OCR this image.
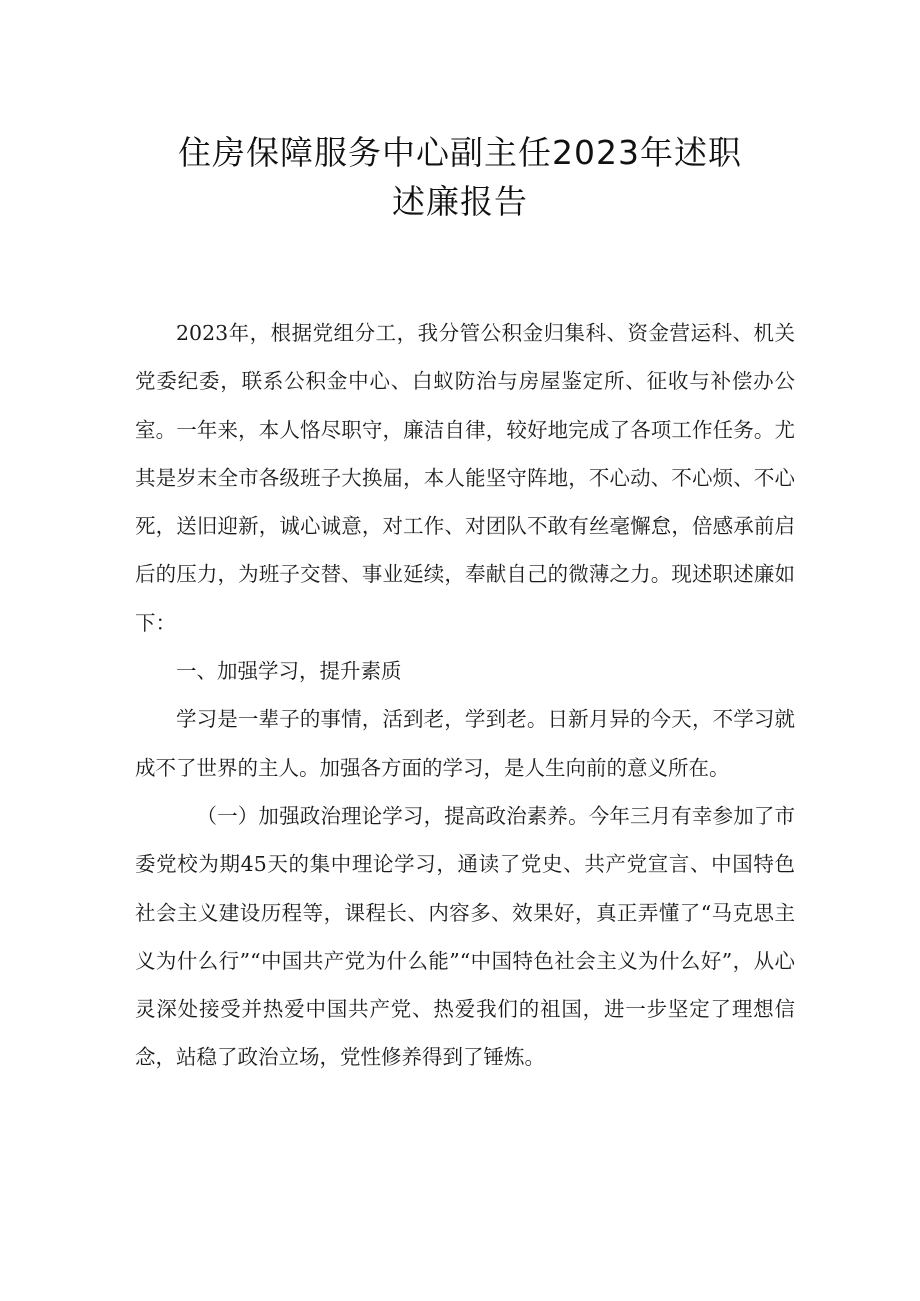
住房保障服务中心副主任2023年述职
述廉报告

2023年，根据党组分工，我分管公积金归集科、资金营运科、机关党委纪委，联系公积金中心、白蚁防治与房屋鉴定所、征收与补偿办公室。一年来，本人恪尽职守，廉洁自律，较好地完成了各项工作任务。尤其是岁末全市各级班子大换届，本人能坚守阵地，不心动、不心烦、不心死，送旧迎新，诚心诚意，对工作、对团队不敢有丝毫懈怠，倍感承前启后的压力，为班子交替、事业延续，奉献自己的微薄之力。现述职述廉如下：

一、加强学习，提升素质

学习是一辈子的事情，活到老，学到老。日新月异的今天，不学习就成不了世界的主人。加强各方面的学习，是人生向前的意义所在。

（一）加强政治理论学习，提高政治素养。今年三月有幸参加了市委党校为期45天的集中理论学习，通读了党史、共产党宣言、中国特色社会主义建设历程等，课程长、内容多、效果好，真正弄懂了“马克思主义为什么行”“中国共产党为什么能”“中国特色社会主义为什么好”，从心灵深处接受并热爱中国共产党、热爱我们的祖国，进一步坚定了理想信念，站稳了政治立场，党性修养得到了锤炼。
